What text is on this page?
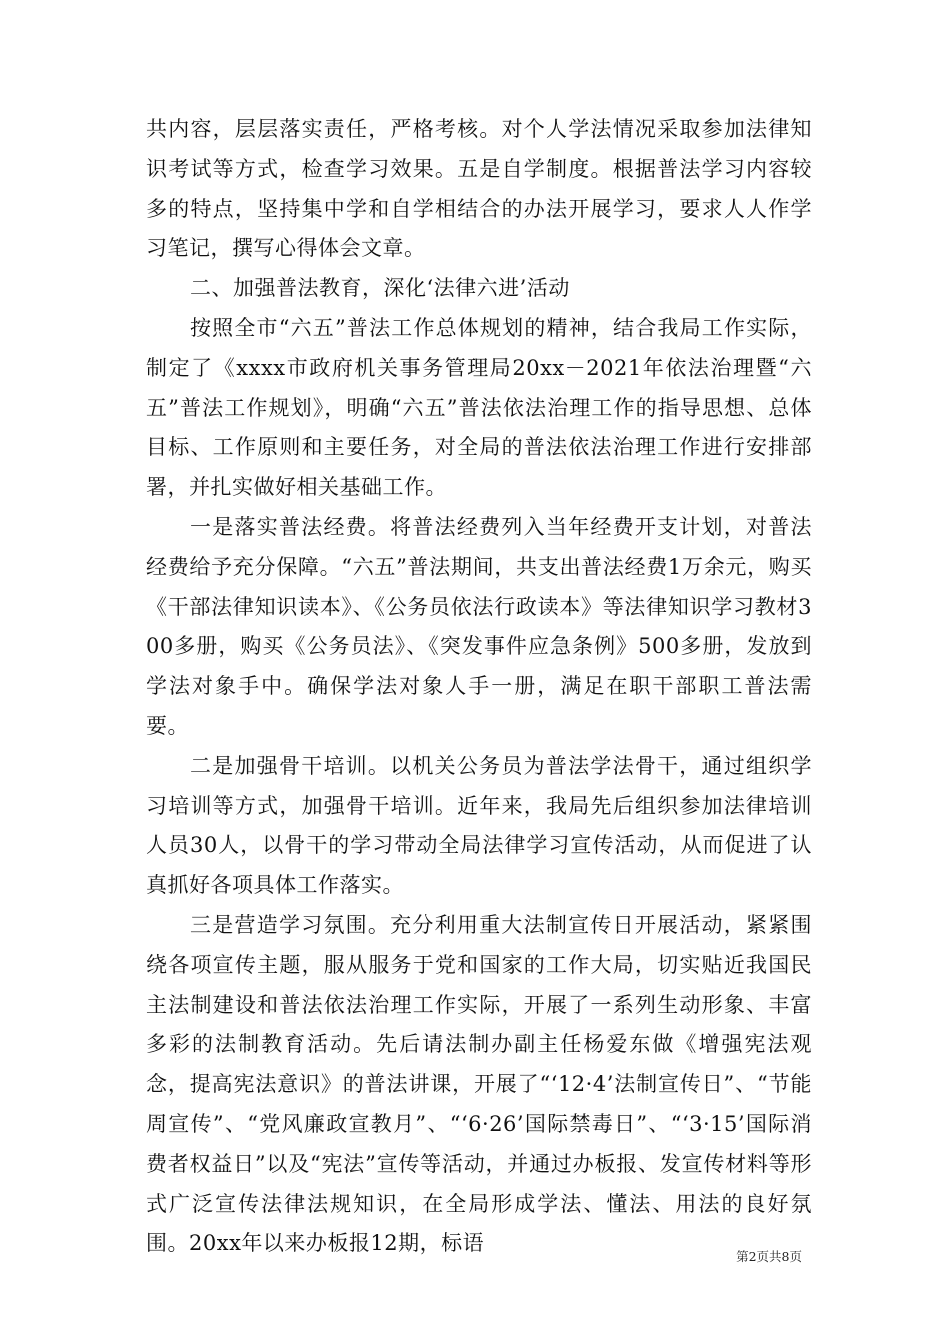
共内容，层层落实责任，严格考核。对个人学法情况采取参加法律知识考试等方式，检查学习效果。五是自学制度。根据普法学习内容较多的特点，坚持集中学和自学相结合的办法开展学习，要求人人作学习笔记，撰写心得体会文章。

二、加强普法教育，深化‘法律六进’活动

按照全市“六五”普法工作总体规划的精神，结合我局工作实际，制定了《xxxx市政府机关事务管理局20xx－2021年依法治理暨“六五”普法工作规划》，明确“六五”普法依法治理工作的指导思想、总体目标、工作原则和主要任务，对全局的普法依法治理工作进行安排部署，并扎实做好相关基础工作。

一是落实普法经费。将普法经费列入当年经费开支计划，对普法经费给予充分保障。“六五”普法期间，共支出普法经费1万余元，购买《干部法律知识读本》、《公务员依法行政读本》等法律知识学习教材300多册，购买《公务员法》、《突发事件应急条例》500多册，发放到学法对象手中。确保学法对象人手一册，满足在职干部职工普法需要。

二是加强骨干培训。以机关公务员为普法学法骨干，通过组织学习培训等方式，加强骨干培训。近年来，我局先后组织参加法律培训人员30人，以骨干的学习带动全局法律学习宣传活动，从而促进了认真抓好各项具体工作落实。

三是营造学习氛围。充分利用重大法制宣传日开展活动，紧紧围绕各项宣传主题，服从服务于党和国家的工作大局，切实贴近我国民主法制建设和普法依法治理工作实际，开展了一系列生动形象、丰富多彩的法制教育活动。先后请法制办副主任杨爱东做《增强宪法观念，提高宪法意识》的普法讲课，开展了“‘12·4’法制宣传日”、“节能周宣传”、“党风廉政宣教月”、“‘6·26’国际禁毒日”、“‘3·15’国际消费者权益日”以及“宪法”宣传等活动，并通过办板报、发宣传材料等形式广泛宣传法律法规知识，在全局形成学法、懂法、用法的良好氛围。20xx年以来办板报12期，标语

第2页共8页
